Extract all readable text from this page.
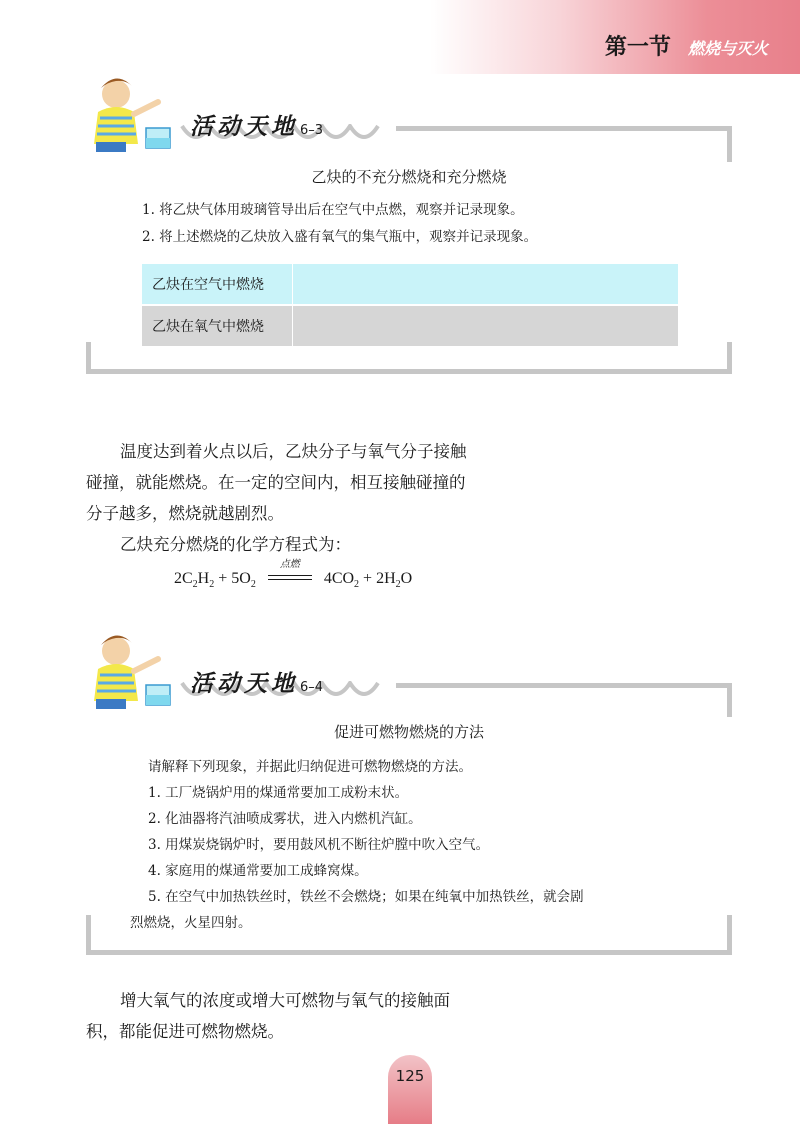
第一节 燃烧与灭火
活动天地 6–3
乙炔的不充分燃烧和充分燃烧
1. 将乙炔气体用玻璃管导出后在空气中点燃，观察并记录现象。
2. 将上述燃烧的乙炔放入盛有氧气的集气瓶中，观察并记录现象。
乙炔在空气中燃烧	
乙炔在氧气中燃烧	

温度达到着火点以后，乙炔分子与氧气分子接触

碰撞，就能燃烧。在一定的空间内，相互接触碰撞的

分子越多，燃烧就越剧烈。

乙炔充分燃烧的化学方程式为：

$2C_2H_2 + 5O_2$
点燃
$4CO_2 + 2H_2O$
活动天地 6–4
促进可燃物燃烧的方法
请解释下列现象，并据此归纳促进可燃物燃烧的方法。
1. 工厂烧锅炉用的煤通常要加工成粉末状。
2. 化油器将汽油喷成雾状，进入内燃机汽缸。
3. 用煤炭烧锅炉时，要用鼓风机不断往炉膛中吹入空气。
4. 家庭用的煤通常要加工成蜂窝煤。
5. 在空气中加热铁丝时，铁丝不会燃烧；如果在纯氧中加热铁丝，就会剧
烈燃烧，火星四射。

增大氧气的浓度或增大可燃物与氧气的接触面

积，都能促进可燃物燃烧。

125
